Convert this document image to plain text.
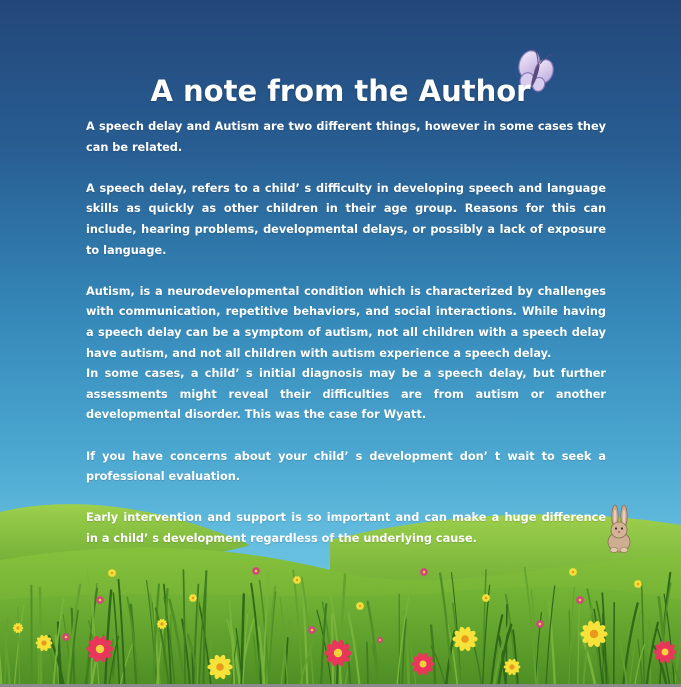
A note from the Author

A speech delay and Autism are two different things, however in some cases they can be related.

A speech delay, refers to a child’ s difficulty in developing speech and language skills as quickly as other children in their age group. Reasons for this can include, hearing problems, developmental delays, or possibly a lack of exposure to language.

Autism, is a neurodevelopmental condition which is characterized by challenges with communication, repetitive behaviors, and social interactions. While having a speech delay can be a symptom of autism, not all children with a speech delay have autism, and not all children with autism experience a speech delay.

In some cases, a child’ s initial diagnosis may be a speech delay, but further assessments might reveal their difficulties are from autism or another developmental disorder. This was the case for Wyatt.

If you have concerns about your child’ s development don’ t wait to seek a professional evaluation.

Early intervention and support is so important and can make a huge difference in a child’ s development regardless of the underlying cause.
